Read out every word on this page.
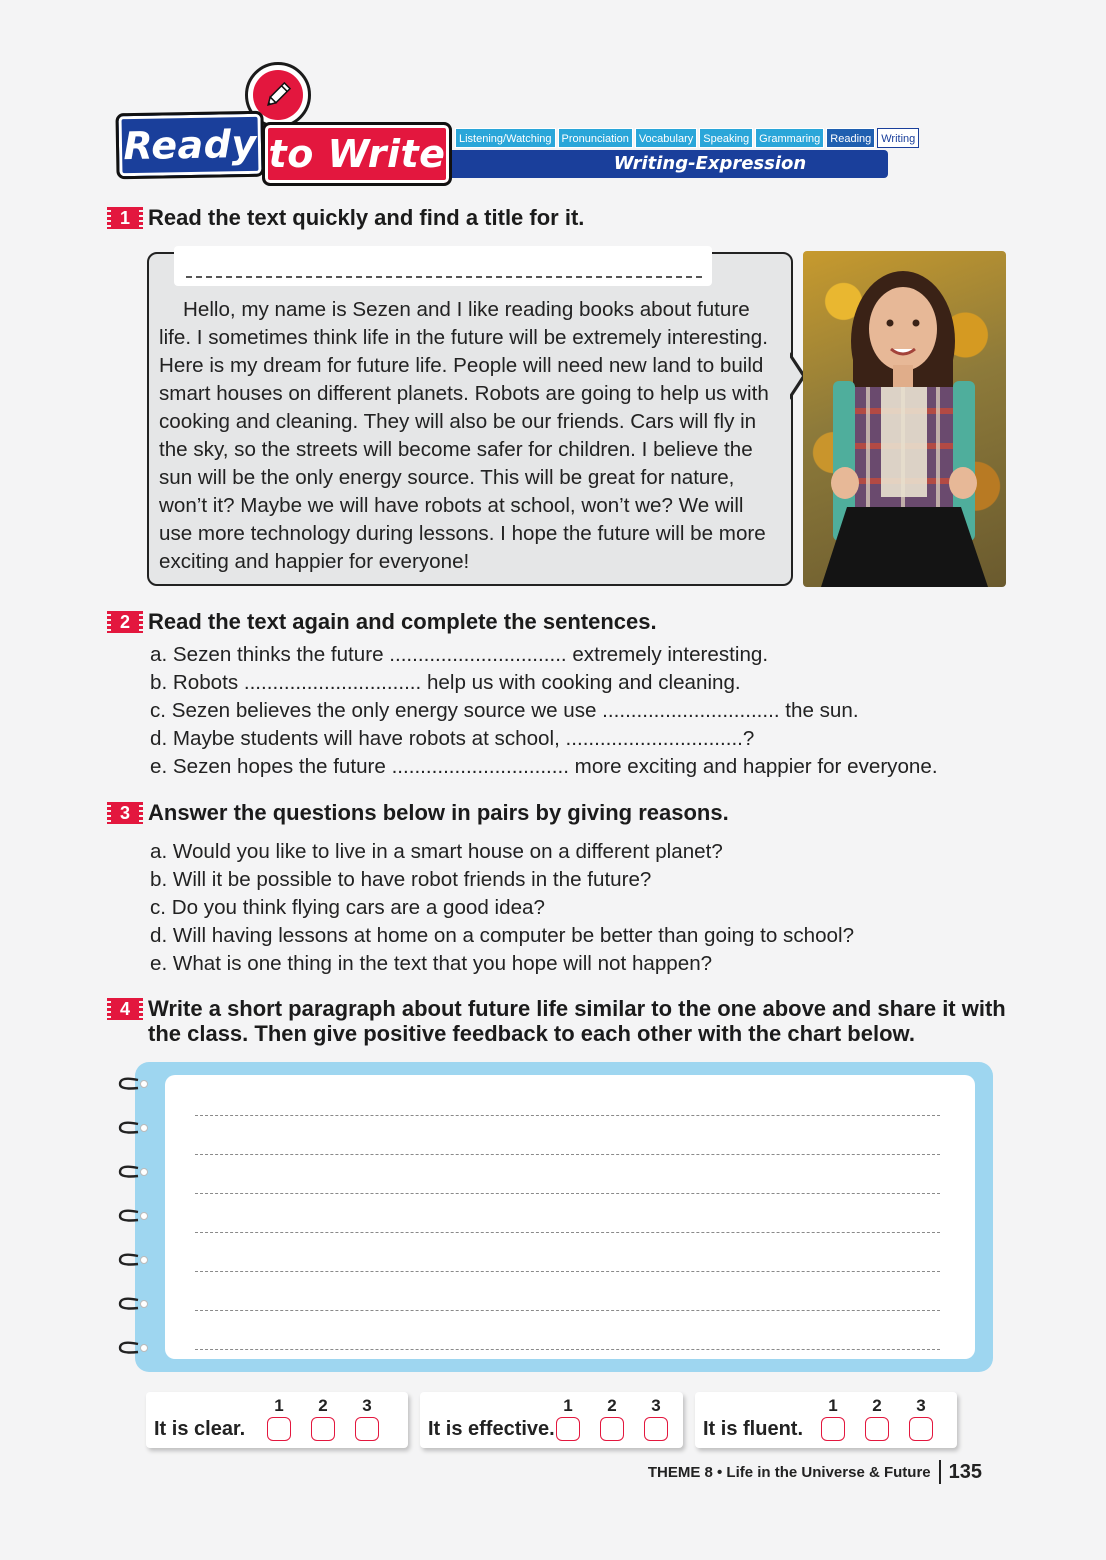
Ready to Write	Listening/Watching Pronunciation Vocabulary Speaking Grammaring Reading Writing
Writing-Expression
1 Read the text quickly and find a title for it.
Hello, my name is Sezen and I like reading books about future life. I sometimes think life in the future will be extremely interesting. Here is my dream for future life. People will need new land to build smart houses on different planets. Robots are going to help us with cooking and cleaning. They will also be our friends. Cars will fly in the sky, so the streets will become safer for children. I believe the sun will be the only energy source. This will be great for nature, won’t it? Maybe we will have robots at school, won’t we? We will use more technology during lessons. I hope the future will be more exciting and happier for everyone!
2 Read the text again and complete the sentences.
a. Sezen thinks the future ............................... extremely interesting.
b. Robots ............................... help us with cooking and cleaning.
c. Sezen believes the only energy source we use ............................... the sun.
d. Maybe students will have robots at school, ...............................?
e. Sezen hopes the future ............................... more exciting and happier for everyone.
3 Answer the questions below in pairs by giving reasons.
a. Would you like to live in a smart house on a different planet?
b. Will it be possible to have robot friends in the future?
c. Do you think flying cars are a good idea?
d. Will having lessons at home on a computer be better than going to school?
e. What is one thing in the text that you hope will not happen?
4 Write a short paragraph about future life similar to the one above and share it with
the class. Then give positive feedback to each other with the chart below.
It is clear.
1	2	3
It is effective.
1	2	3
It is fluent.
1	2	3
THEME 8 • Life in the Universe & Future 135
